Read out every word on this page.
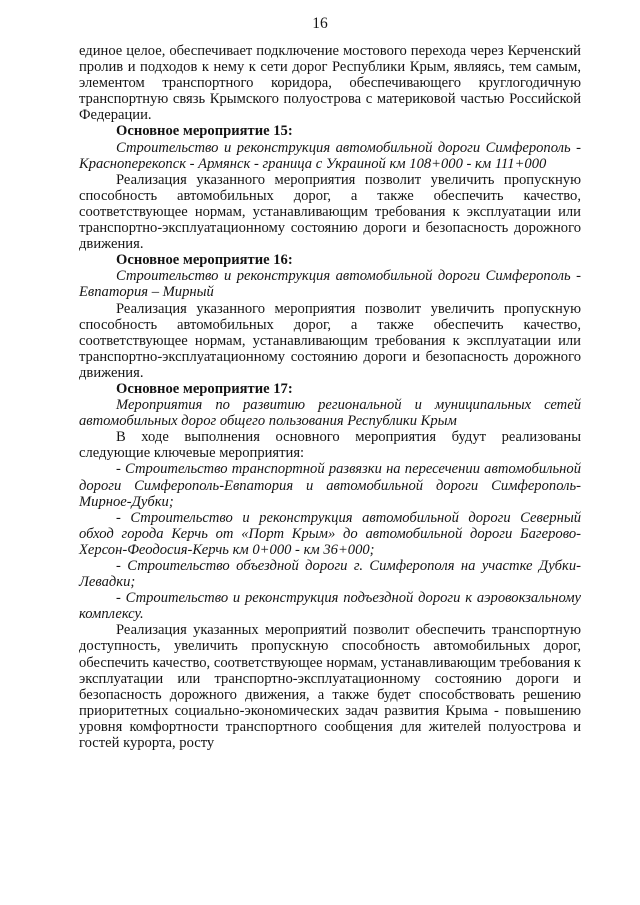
16

единое целое, обеспечивает подключение мостового перехода через Керченский пролив и подходов к нему к сети дорог Республики Крым, являясь, тем самым, элементом транспортного коридора, обеспечивающего круглогодичную транспортную связь Крымского полуострова с материковой частью Российской Федерации.

Основное мероприятие 15:

Строительство и реконструкция автомобильной дороги Симферополь - Красноперекопск - Армянск - граница с Украиной км 108+000 - км 111+000

Реализация указанного мероприятия позволит увеличить пропускную способность автомобильных дорог, а также обеспечить качество, соответствующее нормам, устанавливающим требования к эксплуатации или транспортно-эксплуатационному состоянию дороги и безопасность дорожного движения.

Основное мероприятие 16:

Строительство и реконструкция автомобильной дороги Симферополь - Евпатория – Мирный

Реализация указанного мероприятия позволит увеличить пропускную способность автомобильных дорог, а также обеспечить качество, соответствующее нормам, устанавливающим требования к эксплуатации или транспортно-эксплуатационному состоянию дороги и безопасность дорожного движения.

Основное мероприятие 17:

Мероприятия по развитию региональной и муниципальных сетей автомобильных дорог общего пользования Республики Крым

В ходе выполнения основного мероприятия будут реализованы следующие ключевые мероприятия:

- Строительство транспортной развязки на пересечении автомобильной дороги Симферополь-Евпатория и автомобильной дороги Симферополь-Мирное-Дубки;

- Строительство и реконструкция автомобильной дороги Северный обход города Керчь от «Порт Крым» до автомобильной дороги Багерово-Херсон-Феодосия-Керчь км 0+000 - км 36+000;

- Строительство объездной дороги г. Симферополя на участке Дубки-Левадки;

- Строительство и реконструкция подъездной дороги к аэровокзальному комплексу.

Реализация указанных мероприятий позволит обеспечить транспортную доступность, увеличить пропускную способность автомобильных дорог, обеспечить качество, соответствующее нормам, устанавливающим требования к эксплуатации или транспортно-эксплуатационному состоянию дороги и безопасность дорожного движения, а также будет способствовать решению приоритетных социально-экономических задач развития Крыма - повышению уровня комфортности транспортного сообщения для жителей полуострова и гостей курорта, росту
